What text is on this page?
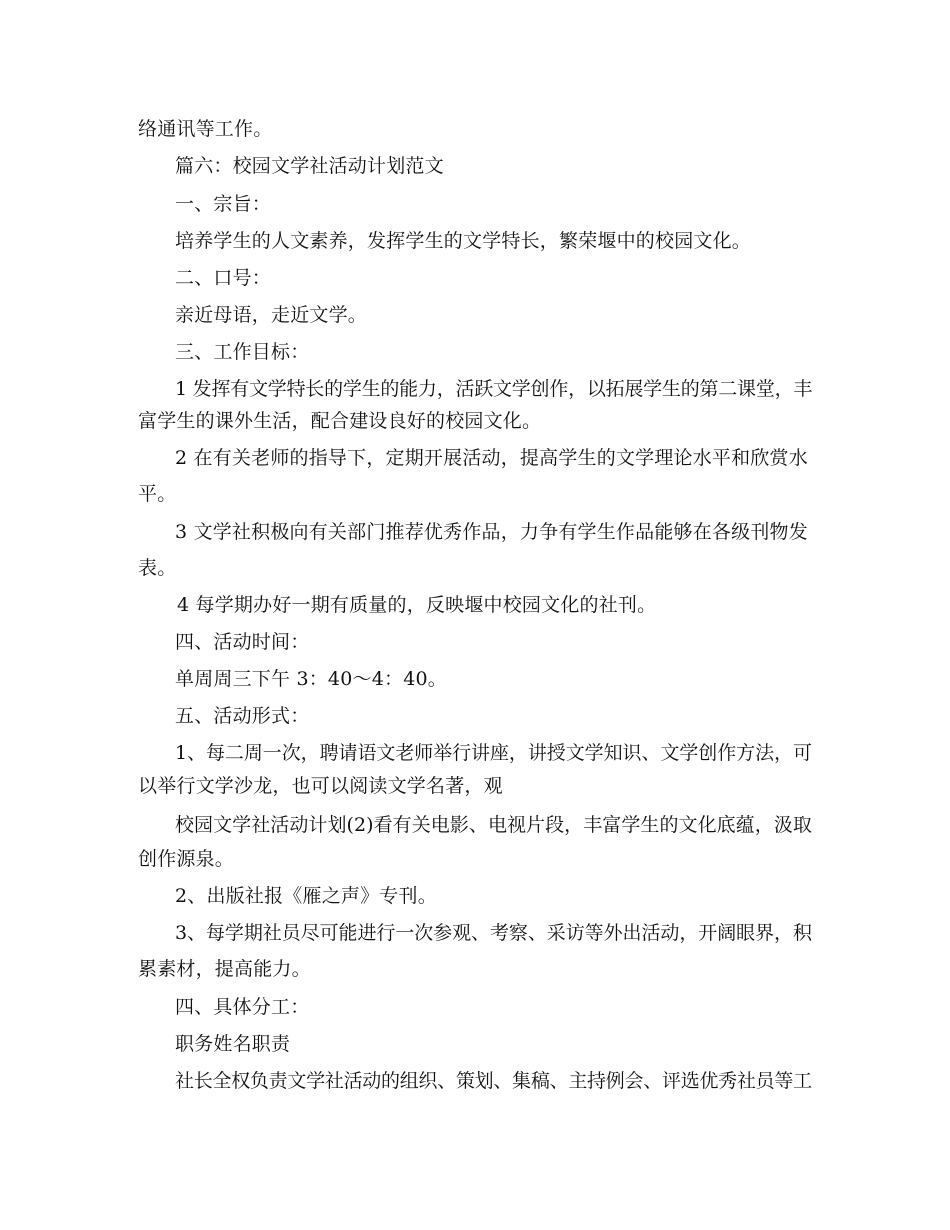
络通讯等工作。
篇六：校园文学社活动计划范文
一、宗旨：
培养学生的人文素养，发挥学生的文学特长，繁荣堰中的校园文化。
二、口号：
亲近母语，走近文学。
三、工作目标：
1 发挥有文学特长的学生的能力，活跃文学创作，以拓展学生的第二课堂，丰
富学生的课外生活，配合建设良好的校园文化。
2 在有关老师的指导下，定期开展活动，提高学生的文学理论水平和欣赏水
平。
3 文学社积极向有关部门推荐优秀作品，力争有学生作品能够在各级刊物发
表。
4 每学期办好一期有质量的，反映堰中校园文化的社刊。
四、活动时间：
单周周三下午 3：40～4：40。
五、活动形式：
1、每二周一次，聘请语文老师举行讲座，讲授文学知识、文学创作方法，可
以举行文学沙龙，也可以阅读文学名著，观
校园文学社活动计划(2)看有关电影、电视片段，丰富学生的文化底蕴，汲取
创作源泉。
2、出版社报《雁之声》专刊。
3、每学期社员尽可能进行一次参观、考察、采访等外出活动，开阔眼界，积
累素材，提高能力。
四、具体分工：
职务姓名职责
社长全权负责文学社活动的组织、策划、集稿、主持例会、评选优秀社员等工
